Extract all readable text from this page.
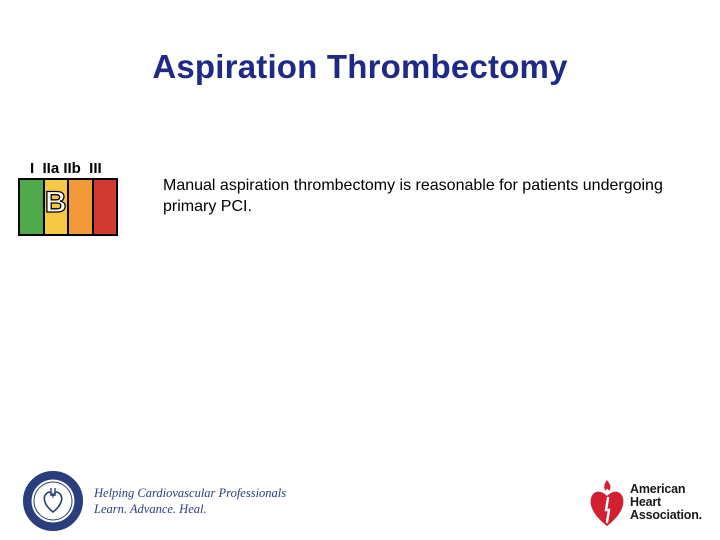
Aspiration Thrombectomy
I  IIa IIb  III
B
Manual aspiration thrombectomy is reasonable for patients undergoing primary PCI.
Helping Cardiovascular Professionals
Learn. Advance. Heal.
American
Heart
Association.
